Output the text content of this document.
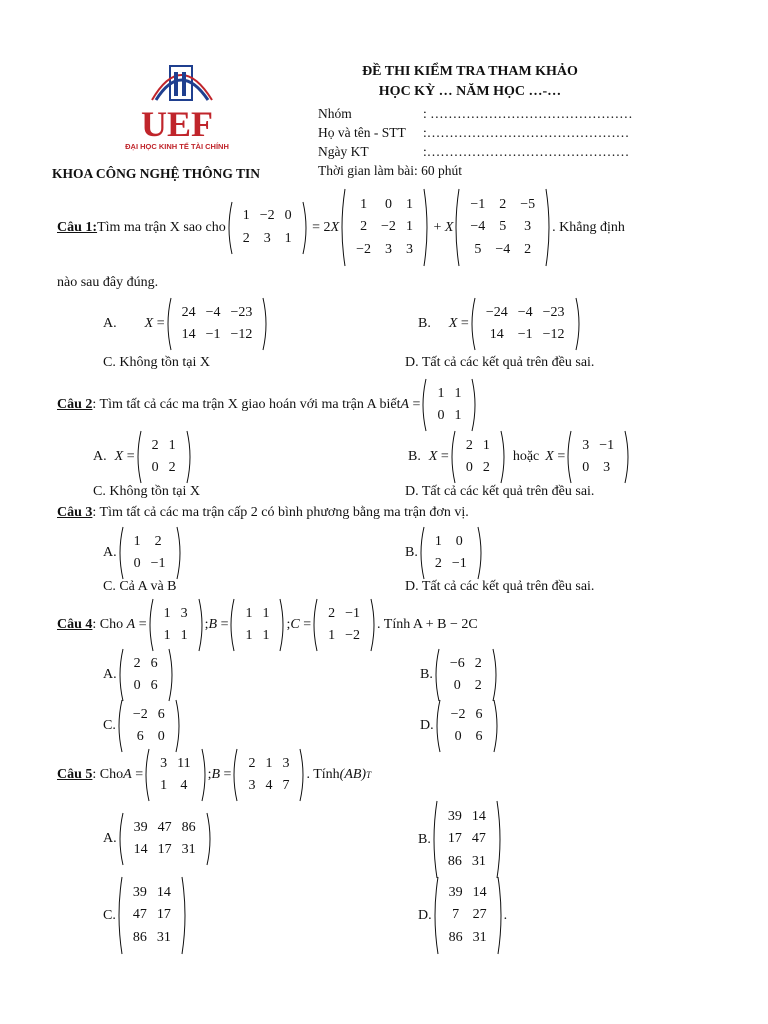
UEF
ĐẠI HỌC KINH TẾ TÀI CHÍNH
ĐỀ THI KIỂM TRA THAM KHẢO
HỌC KỲ … NĂM HỌC …-…
Nhóm	: ………………………………………
Họ và tên - STT :………………………………………
Ngày KT	:………………………………………
Thời gian làm bài: 60 phút
KHOA CÔNG NGHỆ THÔNG TIN
Câu 1: Tìm ma trận X sao cho
1 −2 0
2 3 1
= 2X
1	0 1
2 −2 1
−2 3 3
+ X
−1 2 −5
−4 5	3
5 −4 2
. Khẳng định
nào sau đây đúng.
A. X =
24 −4 −23
14 −1 −12
B. X =
−24 −4 −23
14 −1 −12
C. Không tồn tại X	D. Tất cả các kết quả trên đều sai.
Câu 2 : Tìm tất cả các ma trận X giao hoán với ma trận A biết A =
1 1
0 1
A. X =
2 1
0 2
B. X =
2 1
0 2
hoặc X =
3 −1
0 3
C. Không tồn tại X	D. Tất cả các kết quả trên đều sai.
Câu 3: Tìm tất cả các ma trận cấp 2 có bình phương bằng ma trận đơn vị.
A.
1 2
0 −1
B.
1 0
2 −1
C. Cả A và B	D. Tất cả các kết quả trên đều sai.
Câu 4 : Cho A =
1 3
1 1
;B =
1 1
1 1
;C =
2 −1
1 −2
. Tính A + B − 2C
A.
2 6
0 6
B.
−6 2
0 2
C.
−2 6
6 0
D.
−2 6
0 6
Câu 5 : Cho A =
3 11
1 4
;B =
2 1 3
3 4 7
. Tính (AB) T
A.
39 47 86
14 17 31
B.
39 14
17 47
86 31
C.
39 14
47 17
86 31
D.
39 14
7 27
86 31
.
